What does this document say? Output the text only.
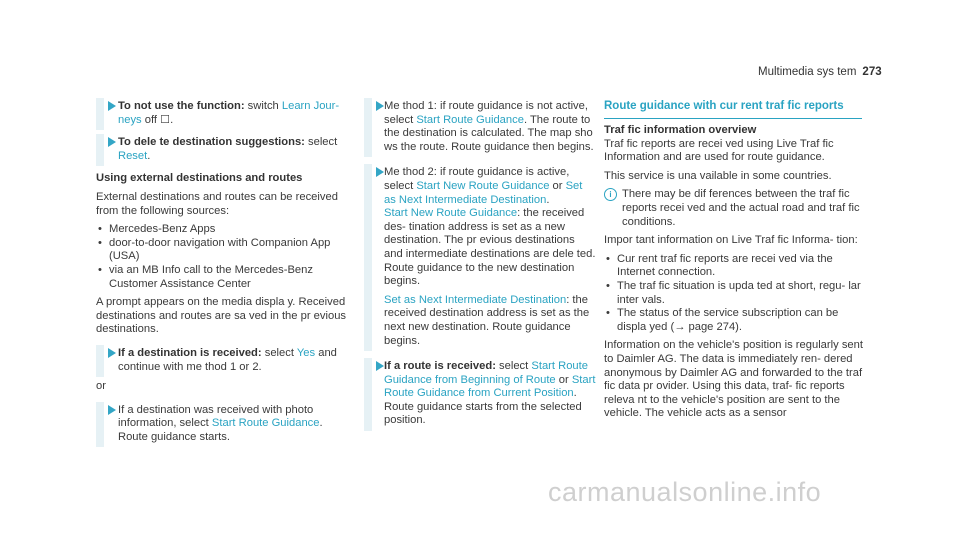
Multimedia sys tem 273
To not use the function: switch Learn Jour‐ neys off ☐.
To dele te destination suggestions: select Reset.

Using external destinations and routes

External destinations and routes can be received from the following sources:

• Mercedes-Benz Apps
• door-to-door navigation with Companion App (USA)
• via an MB Info call to the Mercedes-Benz Customer Assistance Center

A prompt appears on the media displa y. Received destinations and routes are sa ved in the pr evious destinations.

If a destination is received: select Yes and continue with me thod 1 or 2.

or

If a destination was received with photo information, select Start Route Guidance. Route guidance starts.
Me thod 1: if route guidance is not active, select Start Route Guidance. The route to the destination is calculated. The map sho ws the route. Route guidance then begins.
Me thod 2: if route guidance is active, select Start New Route Guidance or Set as Next Intermediate Destination.
Start New Route Guidance: the received des‐ tination address is set as a new destination. The pr evious destinations and intermediate destinations are dele ted. Route guidance to the new destination begins.
Set as Next Intermediate Destination: the received destination address is set as the next new destination. Route guidance begins.
If a route is received: select Start Route Guidance from Beginning of Route or Start Route Guidance from Current Position. Route guidance starts from the selected position.
Route guidance with cur rent traf fic reports

Traf fic information overview

Traf fic reports are recei ved using Live Traf fic Information and are used for route guidance.

This service is una vailable in some countries.

i There may be dif ferences between the traf fic reports recei ved and the actual road and traf fic conditions.

Impor tant information on Live Traf fic Informa‐ tion:

• Cur rent traf fic reports are recei ved via the Internet connection.
• The traf fic situation is upda ted at short, regu‐ lar inter vals.
• The status of the service subscription can be displa yed (→ page 274).

Information on the vehicle's position is regularly sent to Daimler AG. The data is immediately ren‐ dered anonymous by Daimler AG and forwarded to the traf fic data pr ovider. Using this data, traf‐ fic reports releva nt to the vehicle's position are sent to the vehicle. The vehicle acts as a sensor

carmanualsonline.info
